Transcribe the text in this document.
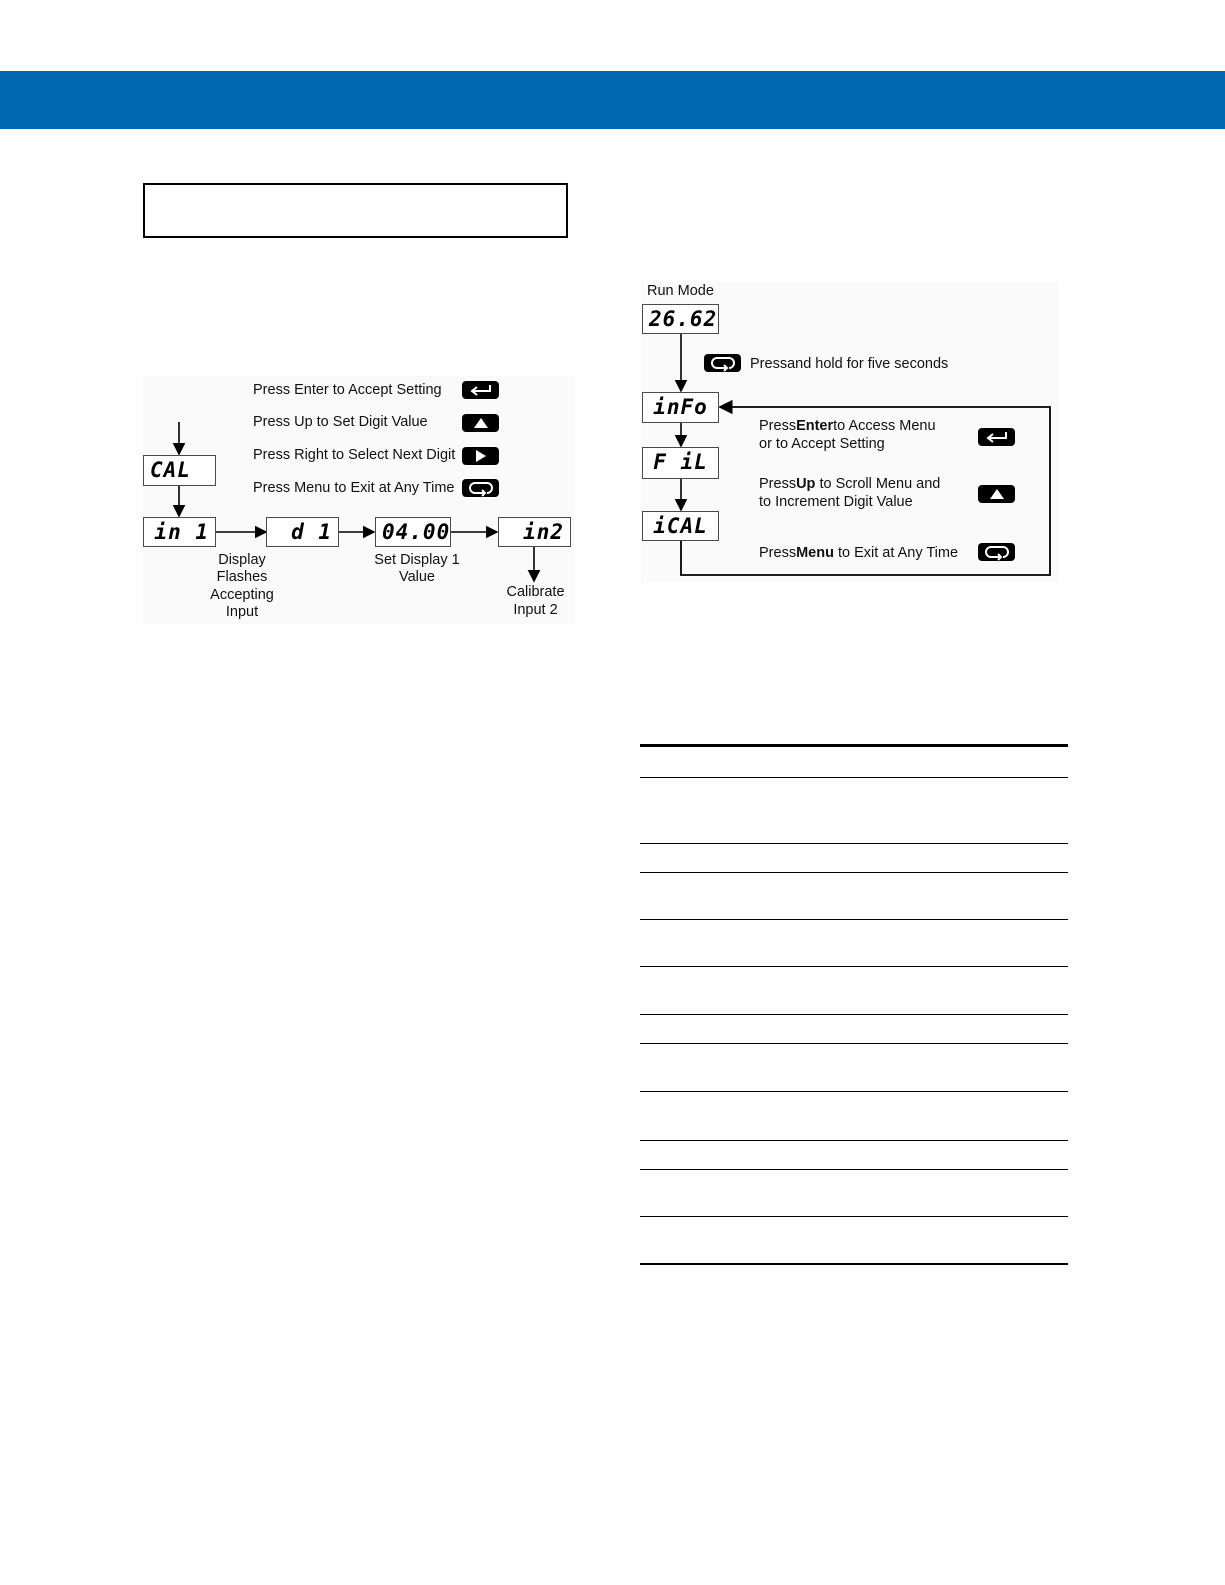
Press Enter to Accept Setting
Press Up to Set Digit Value
Press Right to Select Next Digit
Press Menu to Exit at Any Time
CAL
in 1	d 1	04.00	in2
Display
Flashes
Accepting
Input
Set Display 1
Value
Calibrate
Input 2
Run Mode
26.62
Pressand hold for five seconds
inFo
F iL
iCAL
PressEnterto Access Menu
or to Accept Setting
PressUp to Scroll Menu and
to Increment Digit Value
PressMenu to Exit at Any Time
